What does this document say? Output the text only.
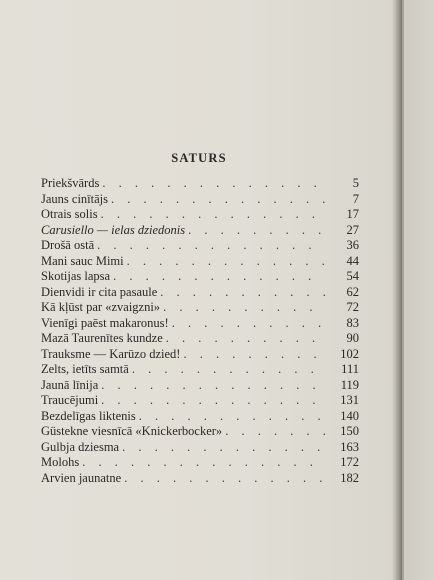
SATURS
Priekšvārds . . .	5
Jauns cinītājs . . .	7
Otrais solis . . .	17
Carusiello — ielas dziedonis . . .	27
Drošā ostā . . .	36
Mani sauc Mimi . . .	44
Skotijas lapsa . . .	54
Dienvidi ir cita pasaule . . .	62
Kā kļūst par «zvaigzni» . . .	72
Vienīgi paēst makaronus! . . .	83
Mazā Taurenītes kundze . . .	90
Trauksme — Karūzo dzied! . . .	102
Zelts, ietīts samtā . . .	111
Jaunā līnija . . .	119
Traucējumi . . .	131
Bezdelīgas liktenis . . .	140
Güstekne viesnīcā «Knickerbocker» . . .	150
Gulbja dziesma . . .	163
Molohs . . .	172
Arvien jaunatne . . .	182
